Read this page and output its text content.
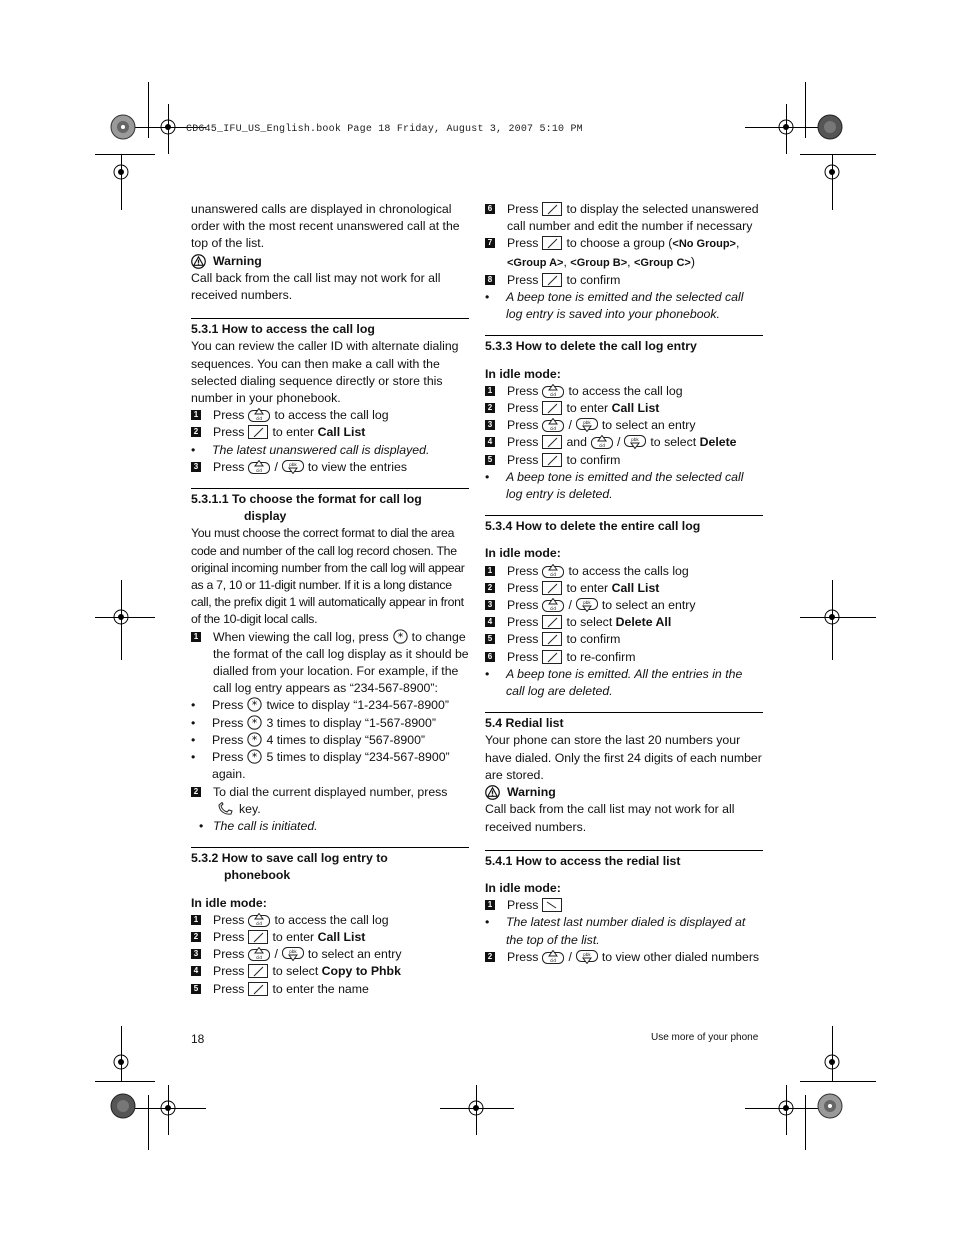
CD645_IFU_US_English.book Page 18 Friday, August 3, 2007 5:10 PM

unanswered calls are displayed in chronological order with the most recent unanswered call at the top of the list.

Warning

Call back from the call list may not work for all received numbers.

5.3.1 How to access the call log

You can review the caller ID with alternate dialing sequences. You can then make a call with the selected dialing sequence directly or store this number in your phonebook.

1 Press to access the call log
2 Press to enter Call List
•	The latest unanswered call is displayed.
3 Press / to view the entries
5.3.1.1 To choose the format for call log
display

You must choose the correct format to dial the area code and number of the call log record chosen. The original incoming number from the call log will appear as a 7, 10 or 11-digit number. If it is a long distance call, the prefix digit 1 will automatically appear in front of the 10-digit local calls.

1 When viewing the call log, press to change the format of the call log display as it should be dialled from your location. For example, if the call log entry appears as “234-567-8900”:
•	Press twice to display “1-234-567-8900”
•	Press 3 times to display “1-567-8900”
•	Press 4 times to display “567-8900”
•	Press 5 times to display “234-567-8900” again.
2 To dial the current displayed number, press
key.
• The call is initiated.
5.3.2 How to save call log entry to
phonebook
In idle mode:
1 Press to access the call log
2 Press to enter Call List
3 Press / to select an entry
4 Press to select Copy to Phbk
5 Press to enter the name
6 Press to display the selected unanswered call number and edit the number if necessary
7 Press to choose a group (<No Group>, <Group A>, <Group B>, <Group C>)
8 Press to confirm
•	A beep tone is emitted and the selected call log entry is saved into your phonebook.
5.3.3 How to delete the call log entry
In idle mode:
1 Press to access the call log
2 Press to enter Call List
3 Press / to select an entry
4 Press and / to select Delete
5 Press to confirm
•	A beep tone is emitted and the selected call log entry is deleted.
5.3.4 How to delete the entire call log
In idle mode:
1 Press to access the calls log
2 Press to enter Call List
3 Press / to select an entry
4 Press to select Delete All
5 Press to confirm
6 Press to re-confirm
•	A beep tone is emitted. All the entries in the call log are deleted.
5.4 Redial list

Your phone can store the last 20 numbers your have dialed. Only the first 24 digits of each number are stored.

Warning

Call back from the call list may not work for all received numbers.

5.4.1 How to access the redial list
In idle mode:
1 Press
•	The latest last number dialed is displayed at the top of the list.
2 Press / to view other dialed numbers
18	Use more of your phone
